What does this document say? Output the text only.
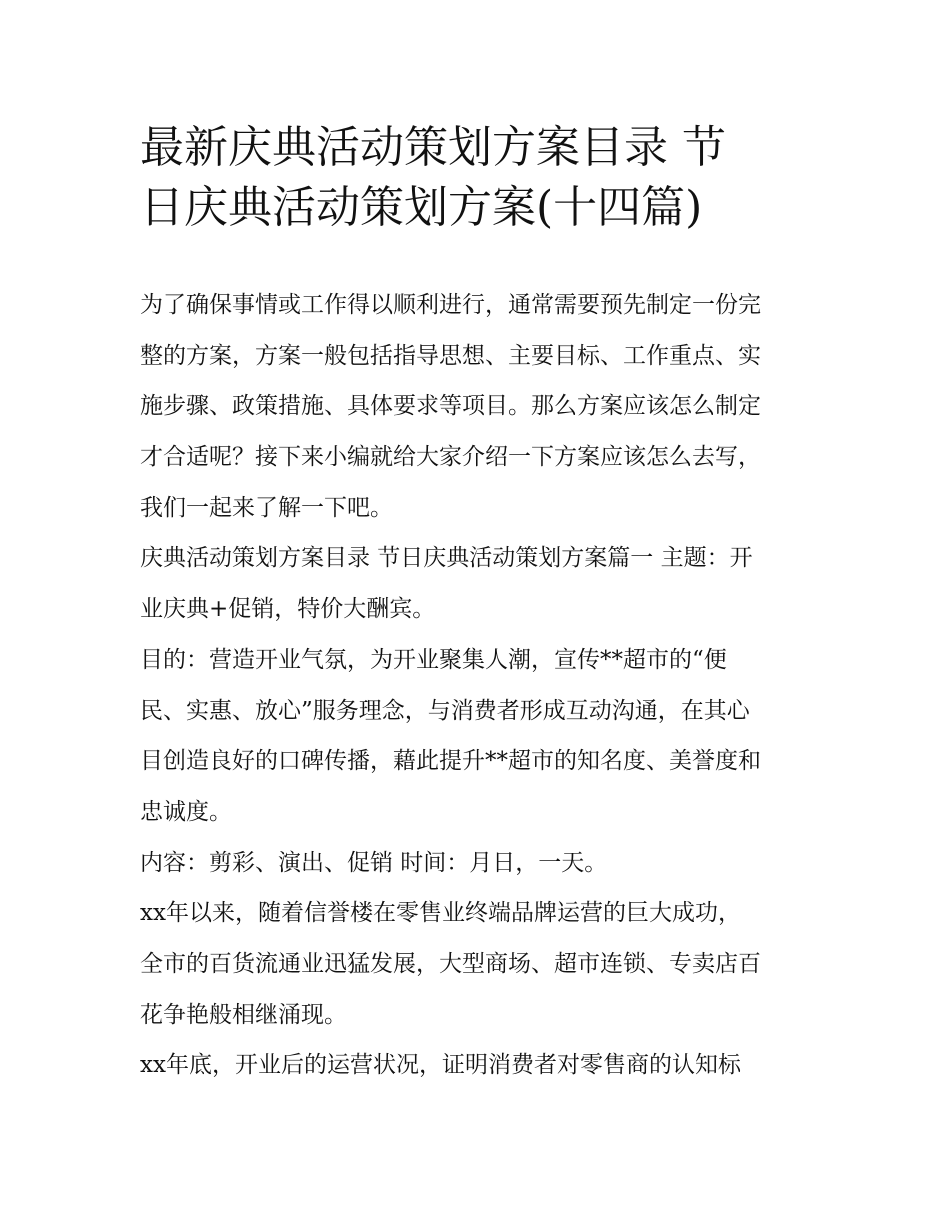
最新庆典活动策划方案目录 节
日庆典活动策划方案(十四篇)
为了确保事情或工作得以顺利进行，通常需要预先制定一份完
整的方案，方案一般包括指导思想、主要目标、工作重点、实
施步骤、政策措施、具体要求等项目。那么方案应该怎么制定
才合适呢？接下来小编就给大家介绍一下方案应该怎么去写，
我们一起来了解一下吧。
庆典活动策划方案目录 节日庆典活动策划方案篇一 主题：开
业庆典+促销，特价大酬宾。
目的：营造开业气氛，为开业聚集人潮，宣传**超市的“便
民、实惠、放心”服务理念，与消费者形成互动沟通，在其心
目创造良好的口碑传播，藉此提升**超市的知名度、美誉度和
忠诚度。
内容：剪彩、演出、促销 时间：月日，一天。
xx年以来，随着信誉楼在零售业终端品牌运营的巨大成功，
全市的百货流通业迅猛发展，大型商场、超市连锁、专卖店百
花争艳般相继涌现。
xx年底，开业后的运营状况，证明消费者对零售商的认知标
